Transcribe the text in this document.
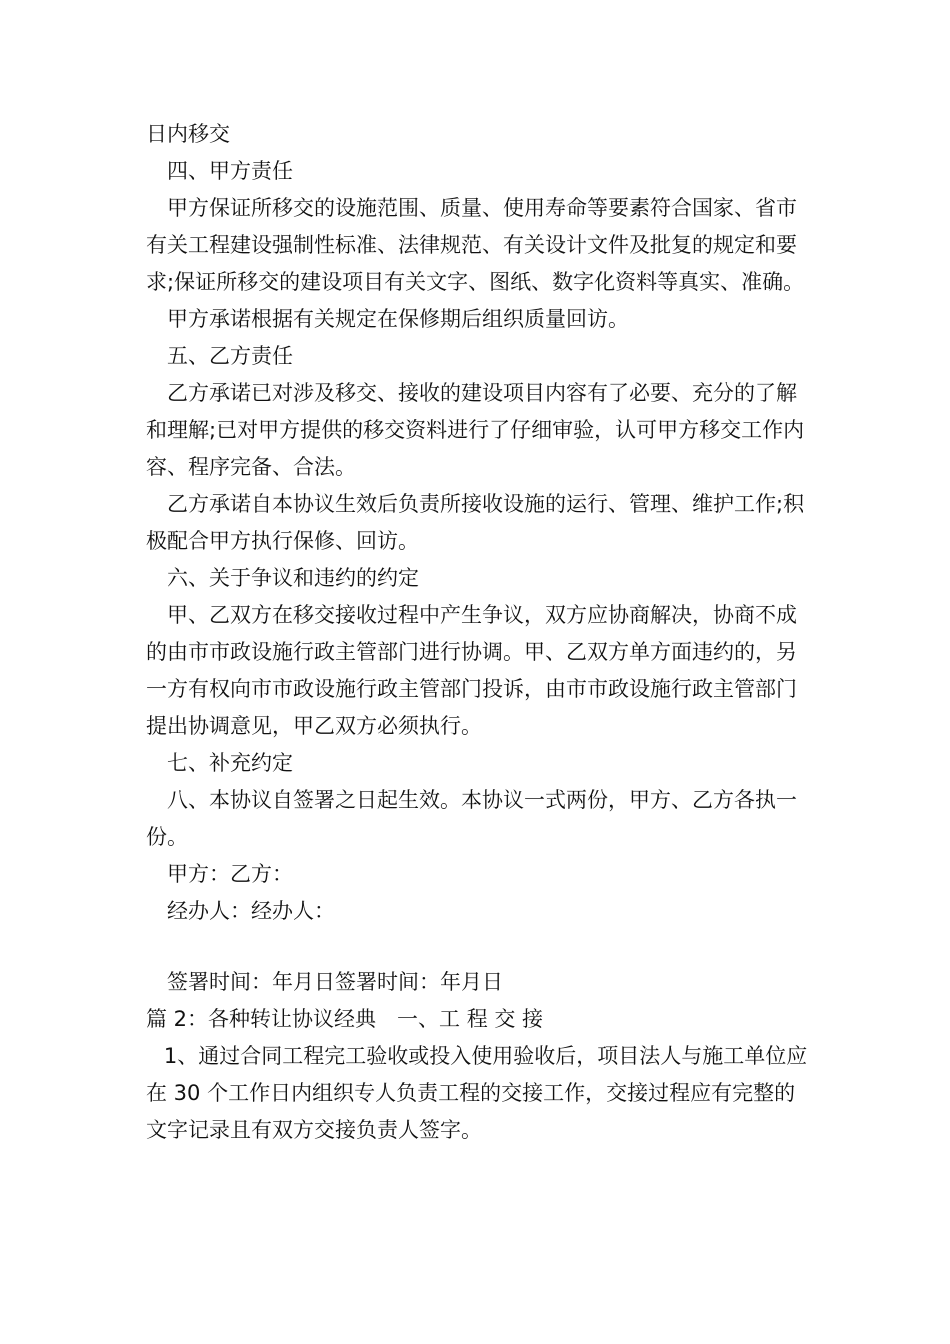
日内移交

四、甲方责任

甲方保证所移交的设施范围、质量、使用寿命等要素符合国家、省市有关工程建设强制性标准、法律规范、有关设计文件及批复的规定和要求;保证所移交的建设项目有关文字、图纸、数字化资料等真实、准确。

甲方承诺根据有关规定在保修期后组织质量回访。

五、乙方责任

乙方承诺已对涉及移交、接收的建设项目内容有了必要、充分的了解和理解;已对甲方提供的移交资料进行了仔细审验，认可甲方移交工作内容、程序完备、合法。

乙方承诺自本协议生效后负责所接收设施的运行、管理、维护工作;积极配合甲方执行保修、回访。

六、关于争议和违约的约定

甲、乙双方在移交接收过程中产生争议，双方应协商解决，协商不成的由市市政设施行政主管部门进行协调。甲、乙双方单方面违约的，另一方有权向市市政设施行政主管部门投诉，由市市政设施行政主管部门提出协调意见，甲乙双方必须执行。

七、补充约定

八、本协议自签署之日起生效。本协议一式两份，甲方、乙方各执一份。

甲方：乙方：

经办人：经办人：

签署时间：年月日签署时间：年月日

篇 2：各种转让协议经典　一、工 程 交 接

1、通过合同工程完工验收或投入使用验收后，项目法人与施工单位应在 30 个工作日内组织专人负责工程的交接工作，交接过程应有完整的文字记录且有双方交接负责人签字。
